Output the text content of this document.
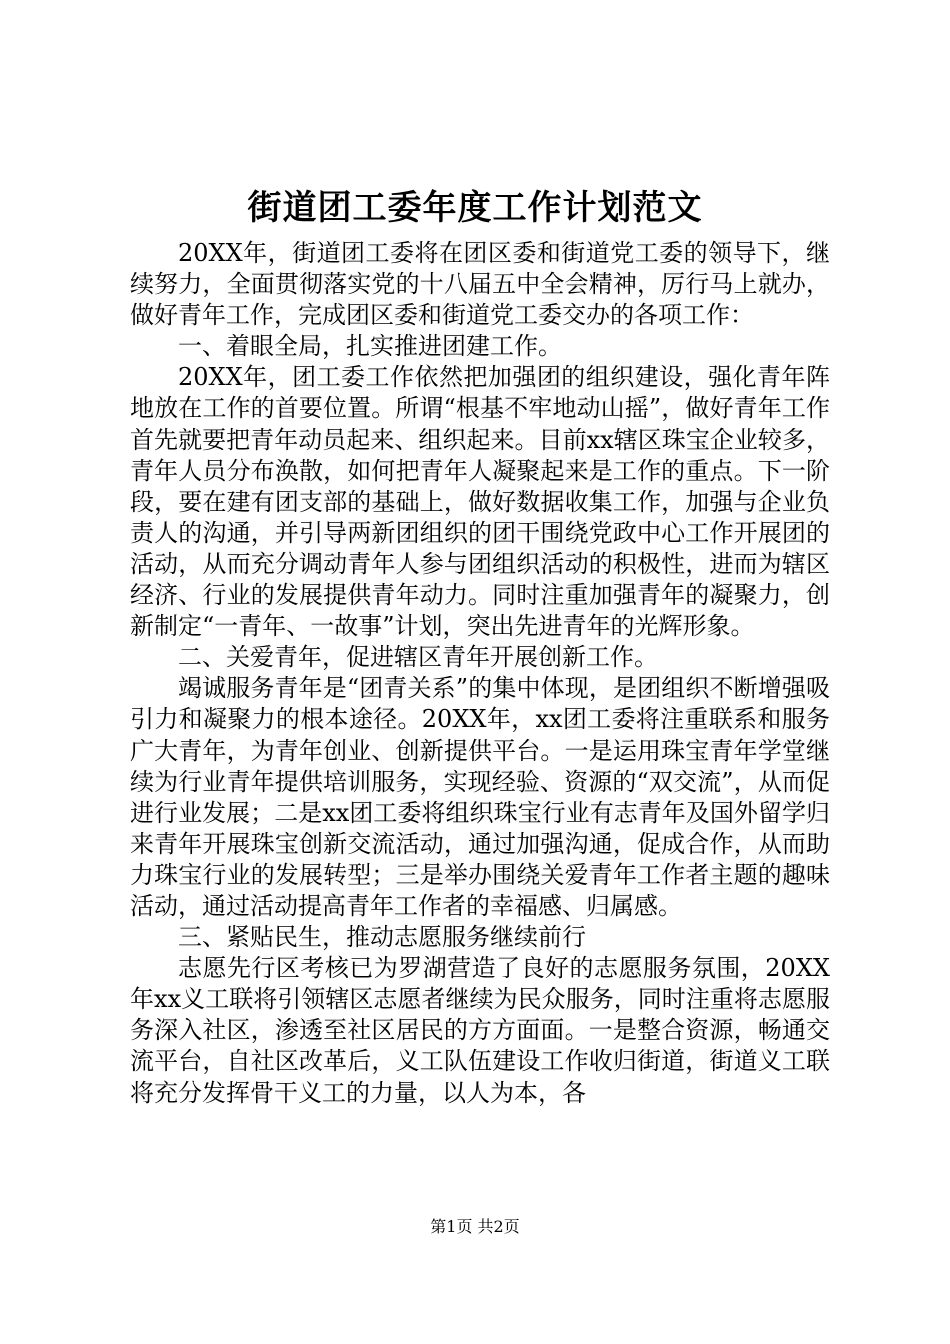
街道团工委年度工作计划范文

20XX年，街道团工委将在团区委和街道党工委的领导下，继续努力，全面贯彻落实党的十八届五中全会精神，厉行马上就办，做好青年工作，完成团区委和街道党工委交办的各项工作：

一、着眼全局，扎实推进团建工作。

20XX年，团工委工作依然把加强团的组织建设，强化青年阵地放在工作的首要位置。所谓“根基不牢地动山摇”，做好青年工作首先就要把青年动员起来、组织起来。目前xx辖区珠宝企业较多，青年人员分布涣散，如何把青年人凝聚起来是工作的重点。下一阶段，要在建有团支部的基础上，做好数据收集工作，加强与企业负责人的沟通，并引导两新团组织的团干围绕党政中心工作开展团的活动，从而充分调动青年人参与团组织活动的积极性，进而为辖区经济、行业的发展提供青年动力。同时注重加强青年的凝聚力，创新制定“一青年、一故事”计划，突出先进青年的光辉形象。

二、关爱青年，促进辖区青年开展创新工作。

竭诚服务青年是“团青关系”的集中体现，是团组织不断增强吸引力和凝聚力的根本途径。20XX年，xx团工委将注重联系和服务广大青年，为青年创业、创新提供平台。一是运用珠宝青年学堂继续为行业青年提供培训服务，实现经验、资源的“双交流”，从而促进行业发展；二是xx团工委将组织珠宝行业有志青年及国外留学归来青年开展珠宝创新交流活动，通过加强沟通，促成合作，从而助力珠宝行业的发展转型；三是举办围绕关爱青年工作者主题的趣味活动，通过活动提高青年工作者的幸福感、归属感。

三、紧贴民生，推动志愿服务继续前行

志愿先行区考核已为罗湖营造了良好的志愿服务氛围，20XX年xx义工联将引领辖区志愿者继续为民众服务，同时注重将志愿服务深入社区，渗透至社区居民的方方面面。一是整合资源，畅通交流平台，自社区改革后，义工队伍建设工作收归街道，街道义工联将充分发挥骨干义工的力量，以人为本，各

第1页 共2页
